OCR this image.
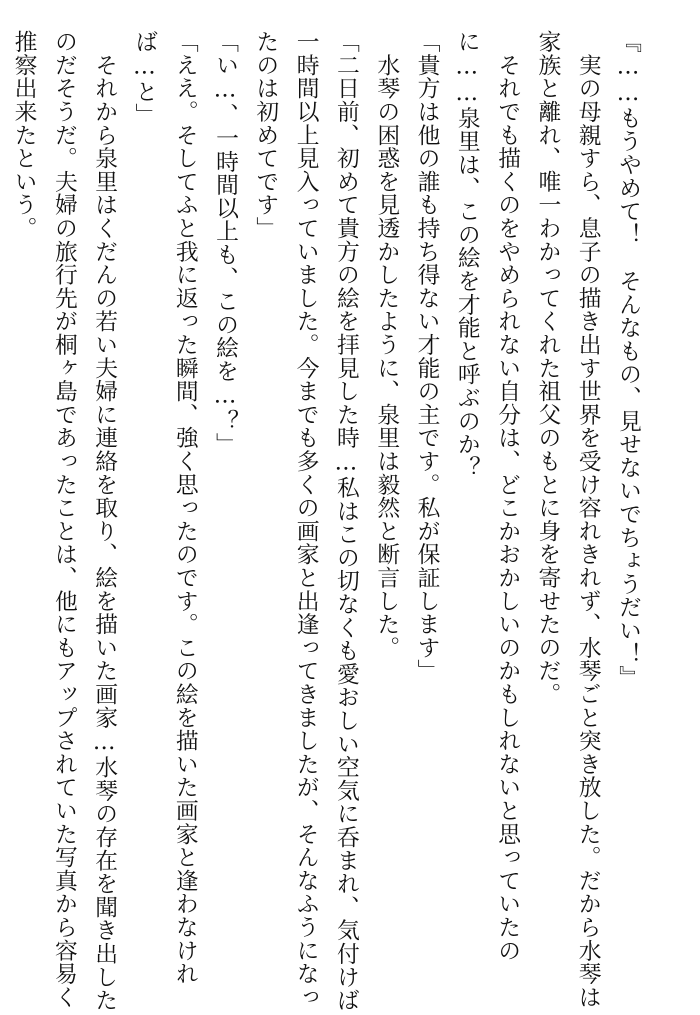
『……もうやめて！　そんなもの、見せないでちょうだい！』

　実の母親すら、息子の描き出す世界を受け容れきれず、水琴ごと突き放した。だから水琴は

家族と離れ、唯一わかってくれた祖父のもとに身を寄せたのだ。

　それでも描くのをやめられない自分は、どこかおかしいのかもしれないと思っていたの

に……泉里は、この絵を才能と呼ぶのか？

「貴方は他の誰も持ち得ない才能の主です。私が保証します」

　水琴の困惑を見透かしたように、泉里は毅然と断言した。

「二日前、初めて貴方の絵を拝見した時…私はこの切なくも愛おしい空気に呑まれ、気付けば

一時間以上見入っていました。今までも多くの画家と出逢ってきましたが、そんなふうになっ

たのは初めてです」

「い…、一時間以上も、この絵を…？」

「ええ。そしてふと我に返った瞬間、強く思ったのです。この絵を描いた画家と逢わなけれ

ば…と」

　それから泉里はくだんの若い夫婦に連絡を取り、絵を描いた画家…水琴の存在を聞き出した

のだそうだ。夫婦の旅行先が桐ヶ島であったことは、他にもアップされていた写真から容易く

推察出来たという。
